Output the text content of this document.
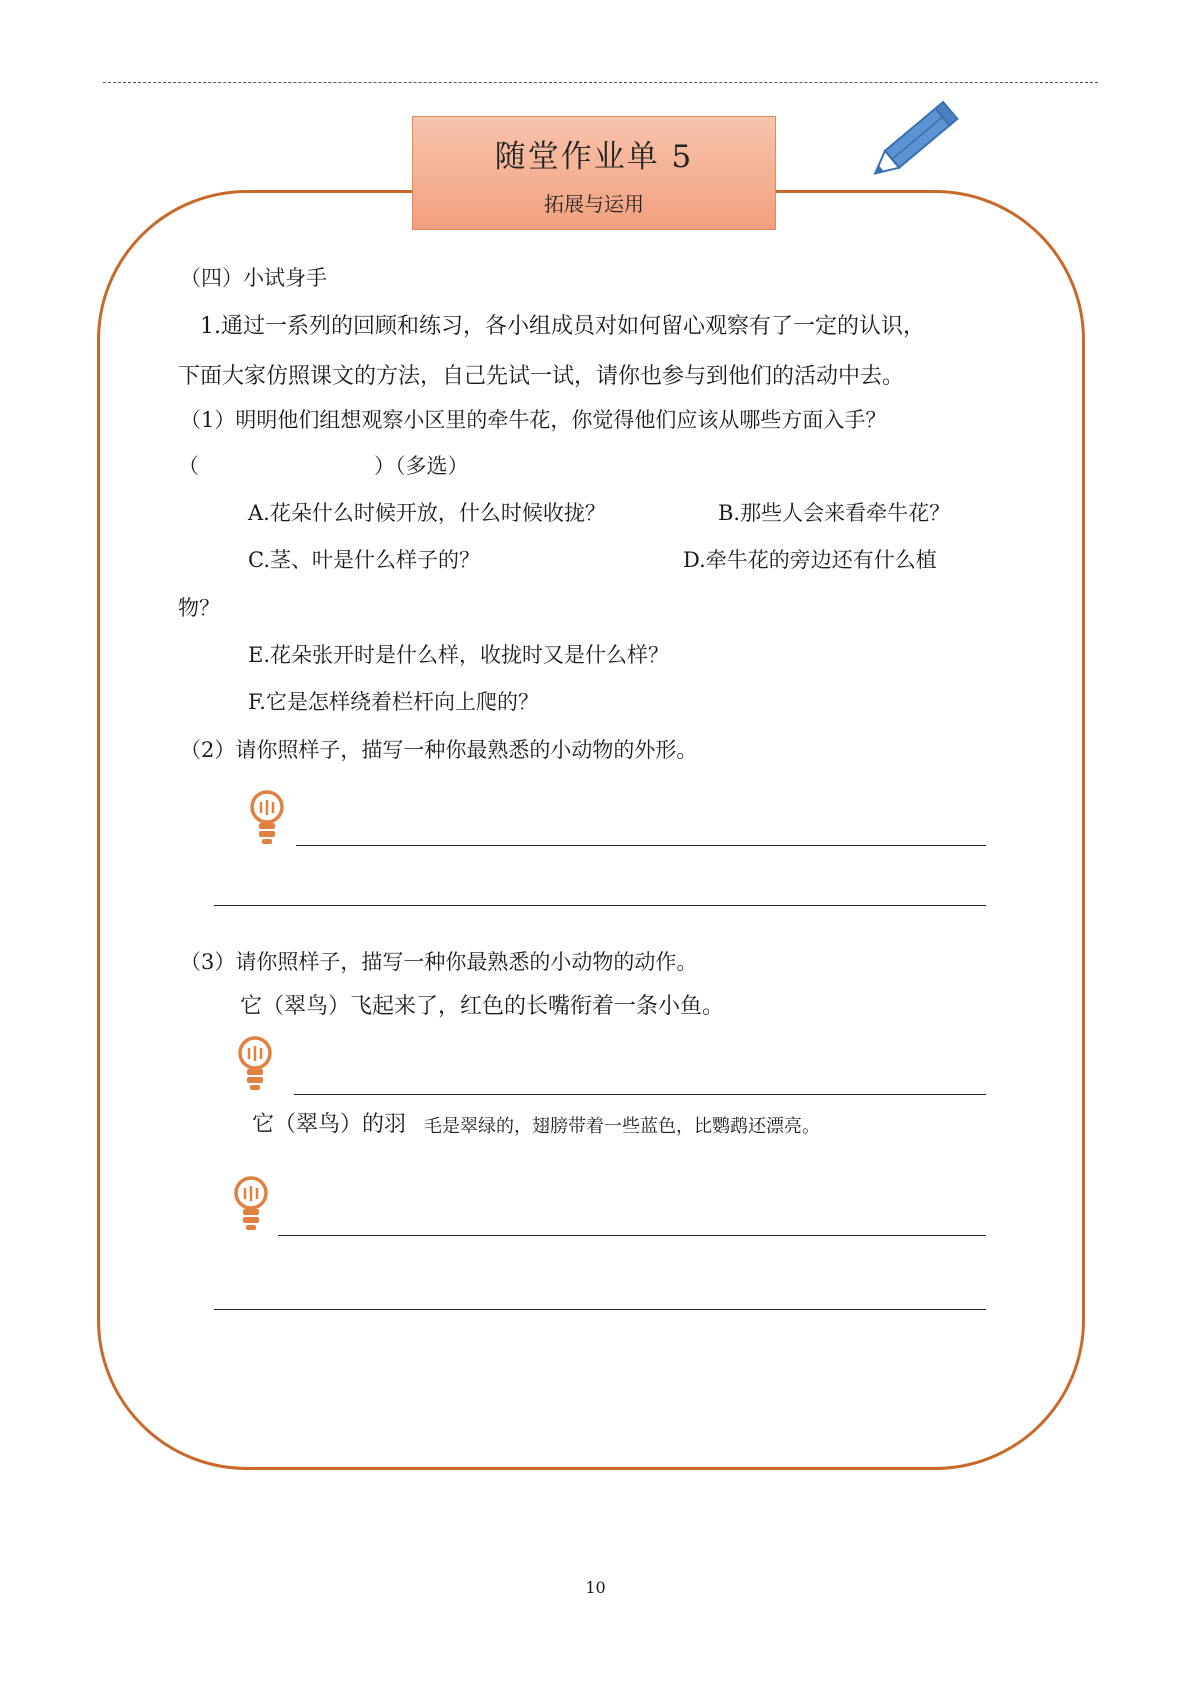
随堂作业单 5
拓展与运用
（四）小试身手
1.通过一系列的回顾和练习，各小组成员对如何留心观察有了一定的认识，
下面大家仿照课文的方法，自己先试一试，请你也参与到他们的活动中去。
（1）明明他们组想观察小区里的牵牛花，你觉得他们应该从哪些方面入手？
（	）（多选）
A.花朵什么时候开放，什么时候收拢？	B.那些人会来看牵牛花？
C.茎、叶是什么样子的？	D.牵牛花的旁边还有什么植
物？
E.花朵张开时是什么样，收拢时又是什么样？
F.它是怎样绕着栏杆向上爬的？
（2）请你照样子，描写一种你最熟悉的小动物的外形。
（3）请你照样子，描写一种你最熟悉的小动物的动作。
它（翠鸟）飞起来了，红色的长嘴衔着一条小鱼。
它（翠鸟）的羽 毛是翠绿的，翅膀带着一些蓝色，比鹦鹉还漂亮。
10
